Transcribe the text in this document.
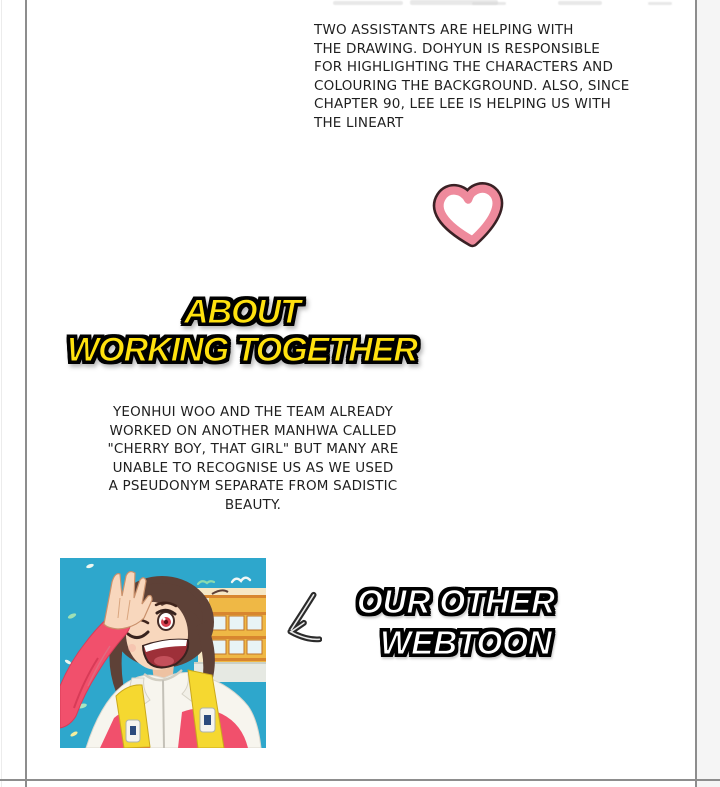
TWO ASSISTANTS ARE HELPING WITH
THE DRAWING. DOHYUN IS RESPONSIBLE
FOR HIGHLIGHTING THE CHARACTERS AND
COLOURING THE BACKGROUND. ALSO, SINCE
CHAPTER 90, LEE LEE IS HELPING US WITH
THE LINEART
ABOUT
WORKING TOGETHER
YEONHUI WOO AND THE TEAM ALREADY
WORKED ON ANOTHER MANHWA CALLED
"CHERRY BOY, THAT GIRL" BUT MANY ARE
UNABLE TO RECOGNISE US AS WE USED
A PSEUDONYM SEPARATE FROM SADISTIC
BEAUTY.
OUR OTHER
WEBTOON
